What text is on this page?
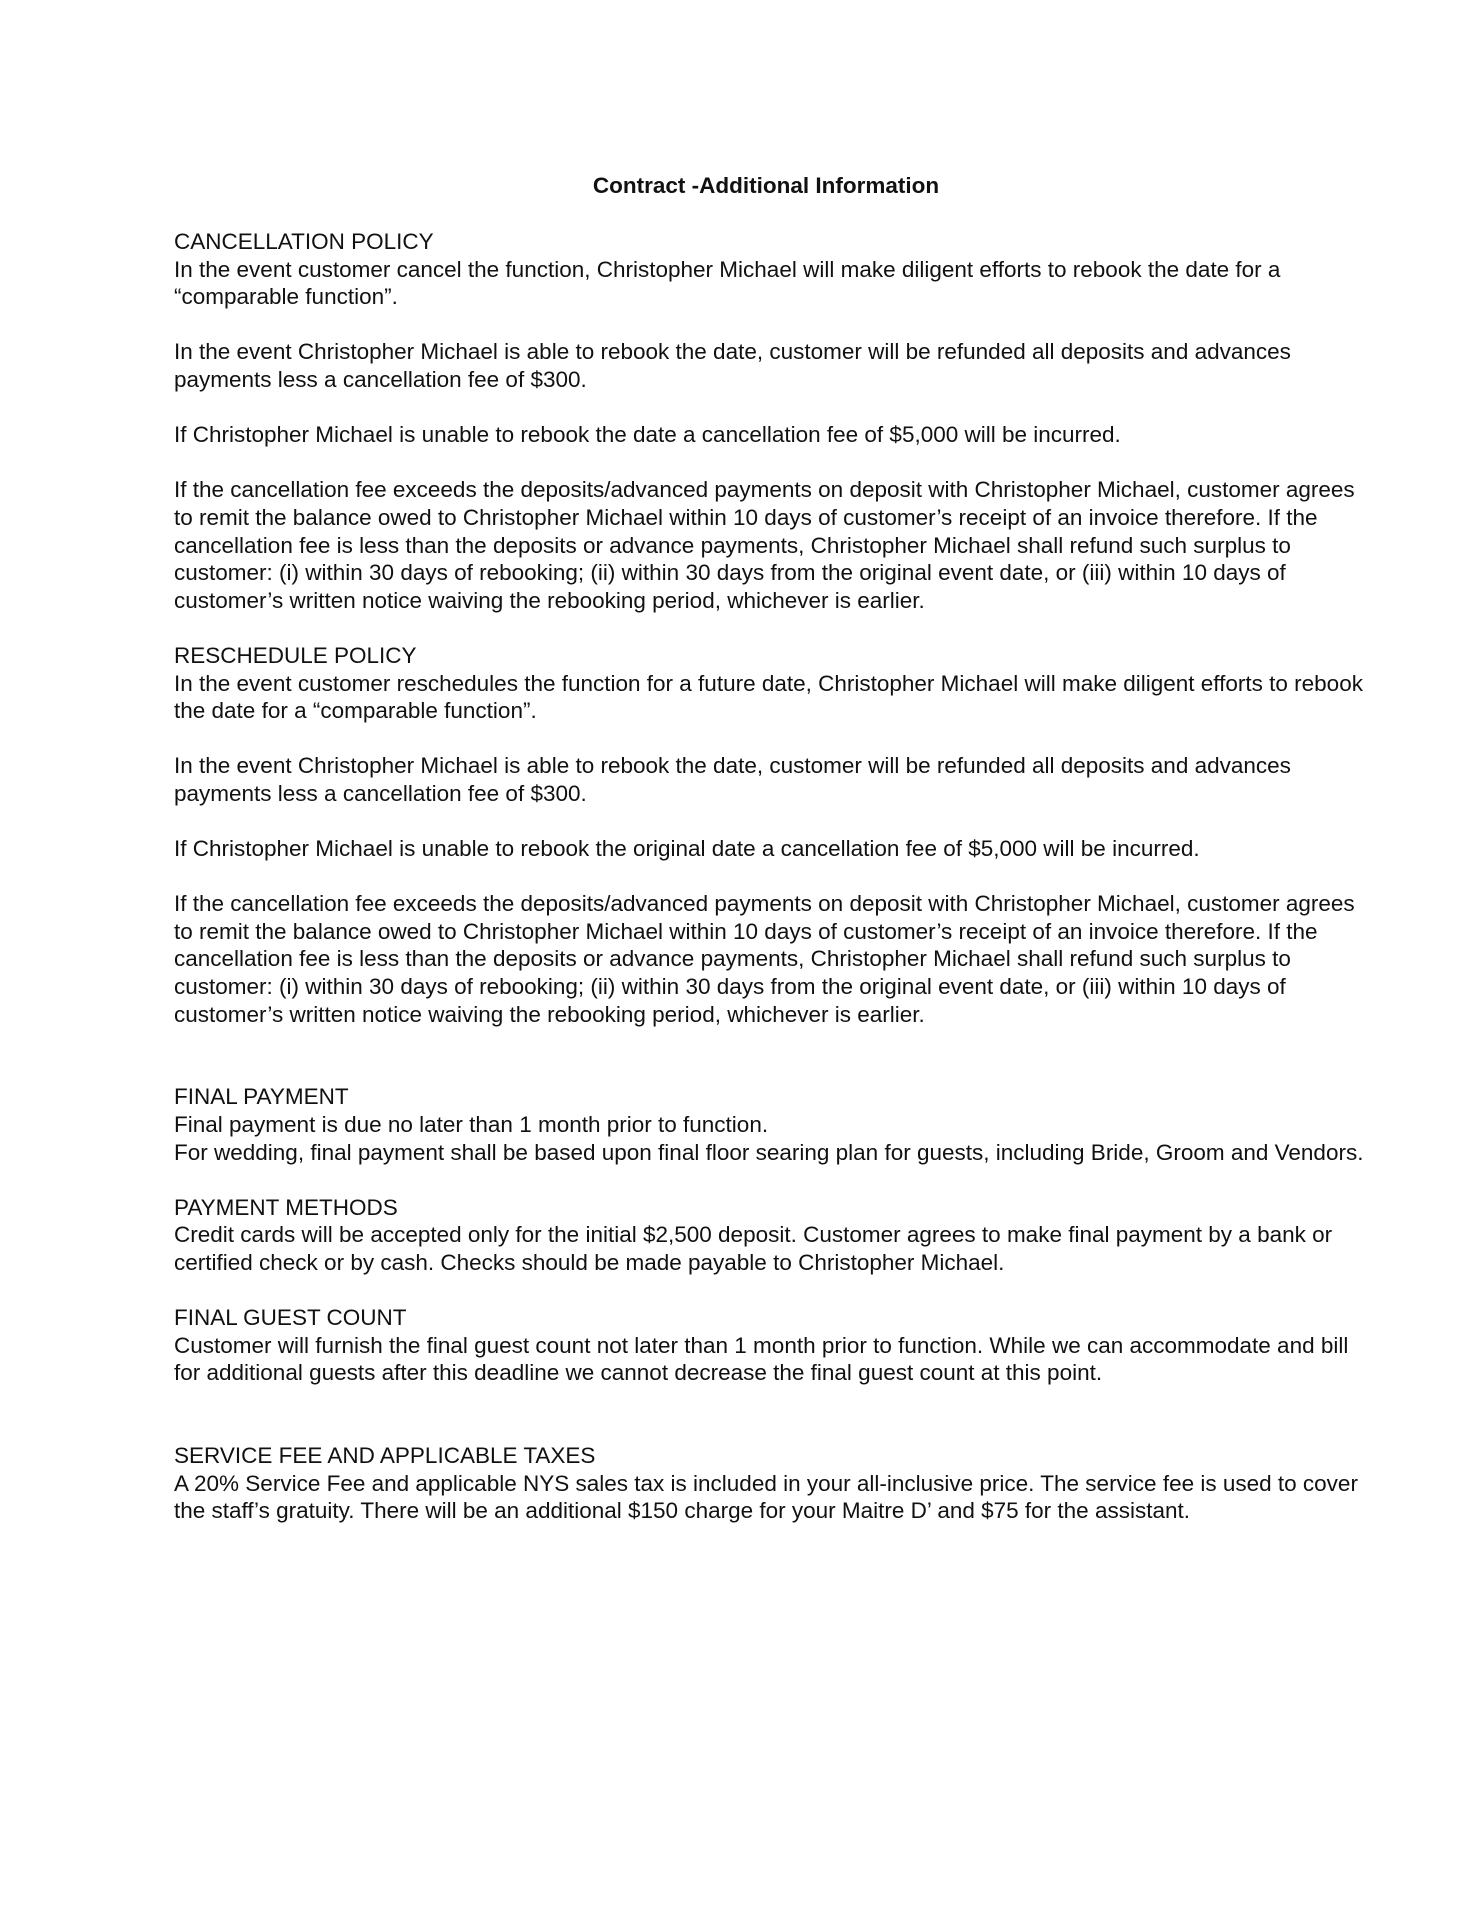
Contract -Additional Information
CANCELLATION POLICY
In the event customer cancel the function, Christopher Michael will make diligent efforts to rebook the date for a “comparable function”.
In the event Christopher Michael is able to rebook the date, customer will be refunded all deposits and advances payments less a cancellation fee of $300.
If Christopher Michael is unable to rebook the date a cancellation fee of $5,000 will be incurred.
If the cancellation fee exceeds the deposits/advanced payments on deposit with Christopher Michael, customer agrees to remit the balance owed to Christopher Michael within 10 days of customer’s receipt of an invoice therefore. If the cancellation fee is less than the deposits or advance payments, Christopher Michael shall refund such surplus to customer: (i) within 30 days of rebooking; (ii) within 30 days from the original event date, or (iii) within 10 days of customer’s written notice waiving the rebooking period, whichever is earlier.
RESCHEDULE POLICY
In the event customer reschedules the function for a future date, Christopher Michael will make diligent efforts to rebook the date for a “comparable function”.
In the event Christopher Michael is able to rebook the date, customer will be refunded all deposits and advances payments less a cancellation fee of $300.
If Christopher Michael is unable to rebook the original date a cancellation fee of $5,000 will be incurred.
If the cancellation fee exceeds the deposits/advanced payments on deposit with Christopher Michael, customer agrees to remit the balance owed to Christopher Michael within 10 days of customer’s receipt of an invoice therefore. If the cancellation fee is less than the deposits or advance payments, Christopher Michael shall refund such surplus to customer: (i) within 30 days of rebooking; (ii) within 30 days from the original event date, or (iii) within 10 days of customer’s written notice waiving the rebooking period, whichever is earlier.
FINAL PAYMENT
Final payment is due no later than 1 month prior to function.
For wedding, final payment shall be based upon final floor searing plan for guests, including Bride, Groom and Vendors.
PAYMENT METHODS
Credit cards will be accepted only for the initial $2,500 deposit. Customer agrees to make final payment by a bank or certified check or by cash. Checks should be made payable to Christopher Michael.
FINAL GUEST COUNT
Customer will furnish the final guest count not later than 1 month prior to function. While we can accommodate and bill for additional guests after this deadline we cannot decrease the final guest count at this point.
SERVICE FEE AND APPLICABLE TAXES
A 20% Service Fee and applicable NYS sales tax is included in your all-inclusive price. The service fee is used to cover the staff’s gratuity. There will be an additional $150 charge for your Maitre D’ and $75 for the assistant.
